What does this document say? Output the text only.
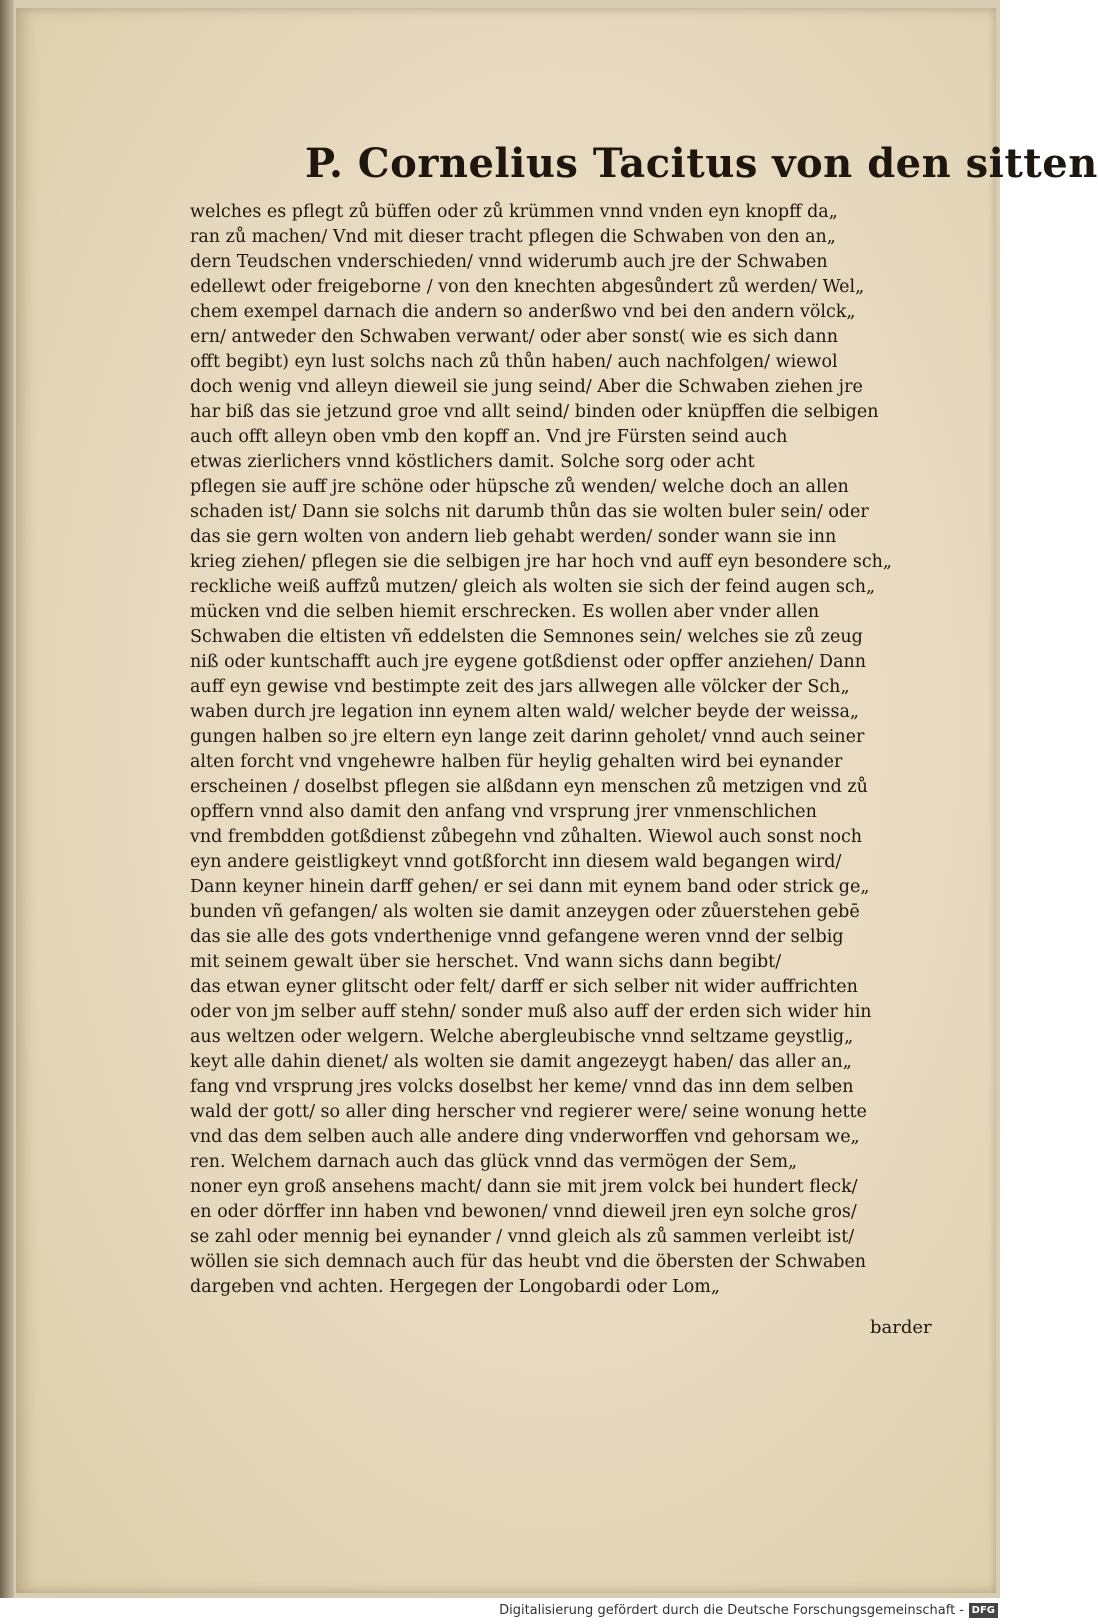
P. Cornelius Tacitus von den sitten
welches es pflegt zů büffen oder zů krümmen vnnd vnden eyn knopff da„
ran zů machen/ Vnd mit dieser tracht pflegen die Schwaben von den an„
dern Teudschen vnderschieden/ vnnd widerumb auch jre der Schwaben
edellewt oder freigeborne / von den knechten abgesůndert zů werden/ Wel„
chem exempel darnach die andern so anderßwo vnd bei den andern völck„
ern/ antweder den Schwaben verwant/ oder aber sonst( wie es sich dann
offt begibt) eyn lust solchs nach zů thůn haben/ auch nachfolgen/ wiewol
doch wenig vnd alleyn dieweil sie jung seind/ Aber die Schwaben ziehen jre
har biß das sie jetzund groe vnd allt seind/ binden oder knüpffen die selbigen
auch offt alleyn oben vmb den kopff an. Vnd jre Fürsten seind auch
etwas zierlichers vnnd köstlichers damit. Solche sorg oder acht
pflegen sie auff jre schöne oder hüpsche zů wenden/ welche doch an allen
schaden ist/ Dann sie solchs nit darumb thůn das sie wolten buler sein/ oder
das sie gern wolten von andern lieb gehabt werden/ sonder wann sie inn
krieg ziehen/ pflegen sie die selbigen jre har hoch vnd auff eyn besondere sch„
reckliche weiß auffzů mutzen/ gleich als wolten sie sich der feind augen sch„
mücken vnd die selben hiemit erschrecken. Es wollen aber vnder allen
Schwaben die eltisten vñ eddelsten die Semnones sein/ welches sie zů zeug
niß oder kuntschafft auch jre eygene gotßdienst oder opffer anziehen/ Dann
auff eyn gewise vnd bestimpte zeit des jars allwegen alle völcker der Sch„
waben durch jre legation inn eynem alten wald/ welcher beyde der weissa„
gungen halben so jre eltern eyn lange zeit darinn geholet/ vnnd auch seiner
alten forcht vnd vngehewre halben für heylig gehalten wird bei eynander
erscheinen / doselbst pflegen sie alßdann eyn menschen zů metzigen vnd zů
opffern vnnd also damit den anfang vnd vrsprung jrer vnmenschlichen
vnd frembdden gotßdienst zůbegehn vnd zůhalten. Wiewol auch sonst noch
eyn andere geistligkeyt vnnd gotßforcht inn diesem wald begangen wird/
Dann keyner hinein darff gehen/ er sei dann mit eynem band oder strick ge„
bunden vñ gefangen/ als wolten sie damit anzeygen oder zůuerstehen gebē
das sie alle des gots vnderthenige vnnd gefangene weren vnnd der selbig
mit seinem gewalt über sie herschet. Vnd wann sichs dann begibt/
das etwan eyner glitscht oder felt/ darff er sich selber nit wider auffrichten
oder von jm selber auff stehn/ sonder muß also auff der erden sich wider hin
aus weltzen oder welgern. Welche abergleubische vnnd seltzame geystlig„
keyt alle dahin dienet/ als wolten sie damit angezeygt haben/ das aller an„
fang vnd vrsprung jres volcks doselbst her keme/ vnnd das inn dem selben
wald der gott/ so aller ding herscher vnd regierer were/ seine wonung hette
vnd das dem selben auch alle andere ding vnderworffen vnd gehorsam we„
ren. Welchem darnach auch das glück vnnd das vermögen der Sem„
noner eyn groß ansehens macht/ dann sie mit jrem volck bei hundert fleck/
en oder dörffer inn haben vnd bewonen/ vnnd dieweil jren eyn solche gros/
se zahl oder mennig bei eynander / vnnd gleich als zů sammen verleibt ist/
wöllen sie sich demnach auch für das heubt vnd die öbersten der Schwaben
dargeben vnd achten. Hergegen der Longobardi oder Lom„
barder
Digitalisierung gefördert durch die Deutsche Forschungsgemeinschaft - DFG
